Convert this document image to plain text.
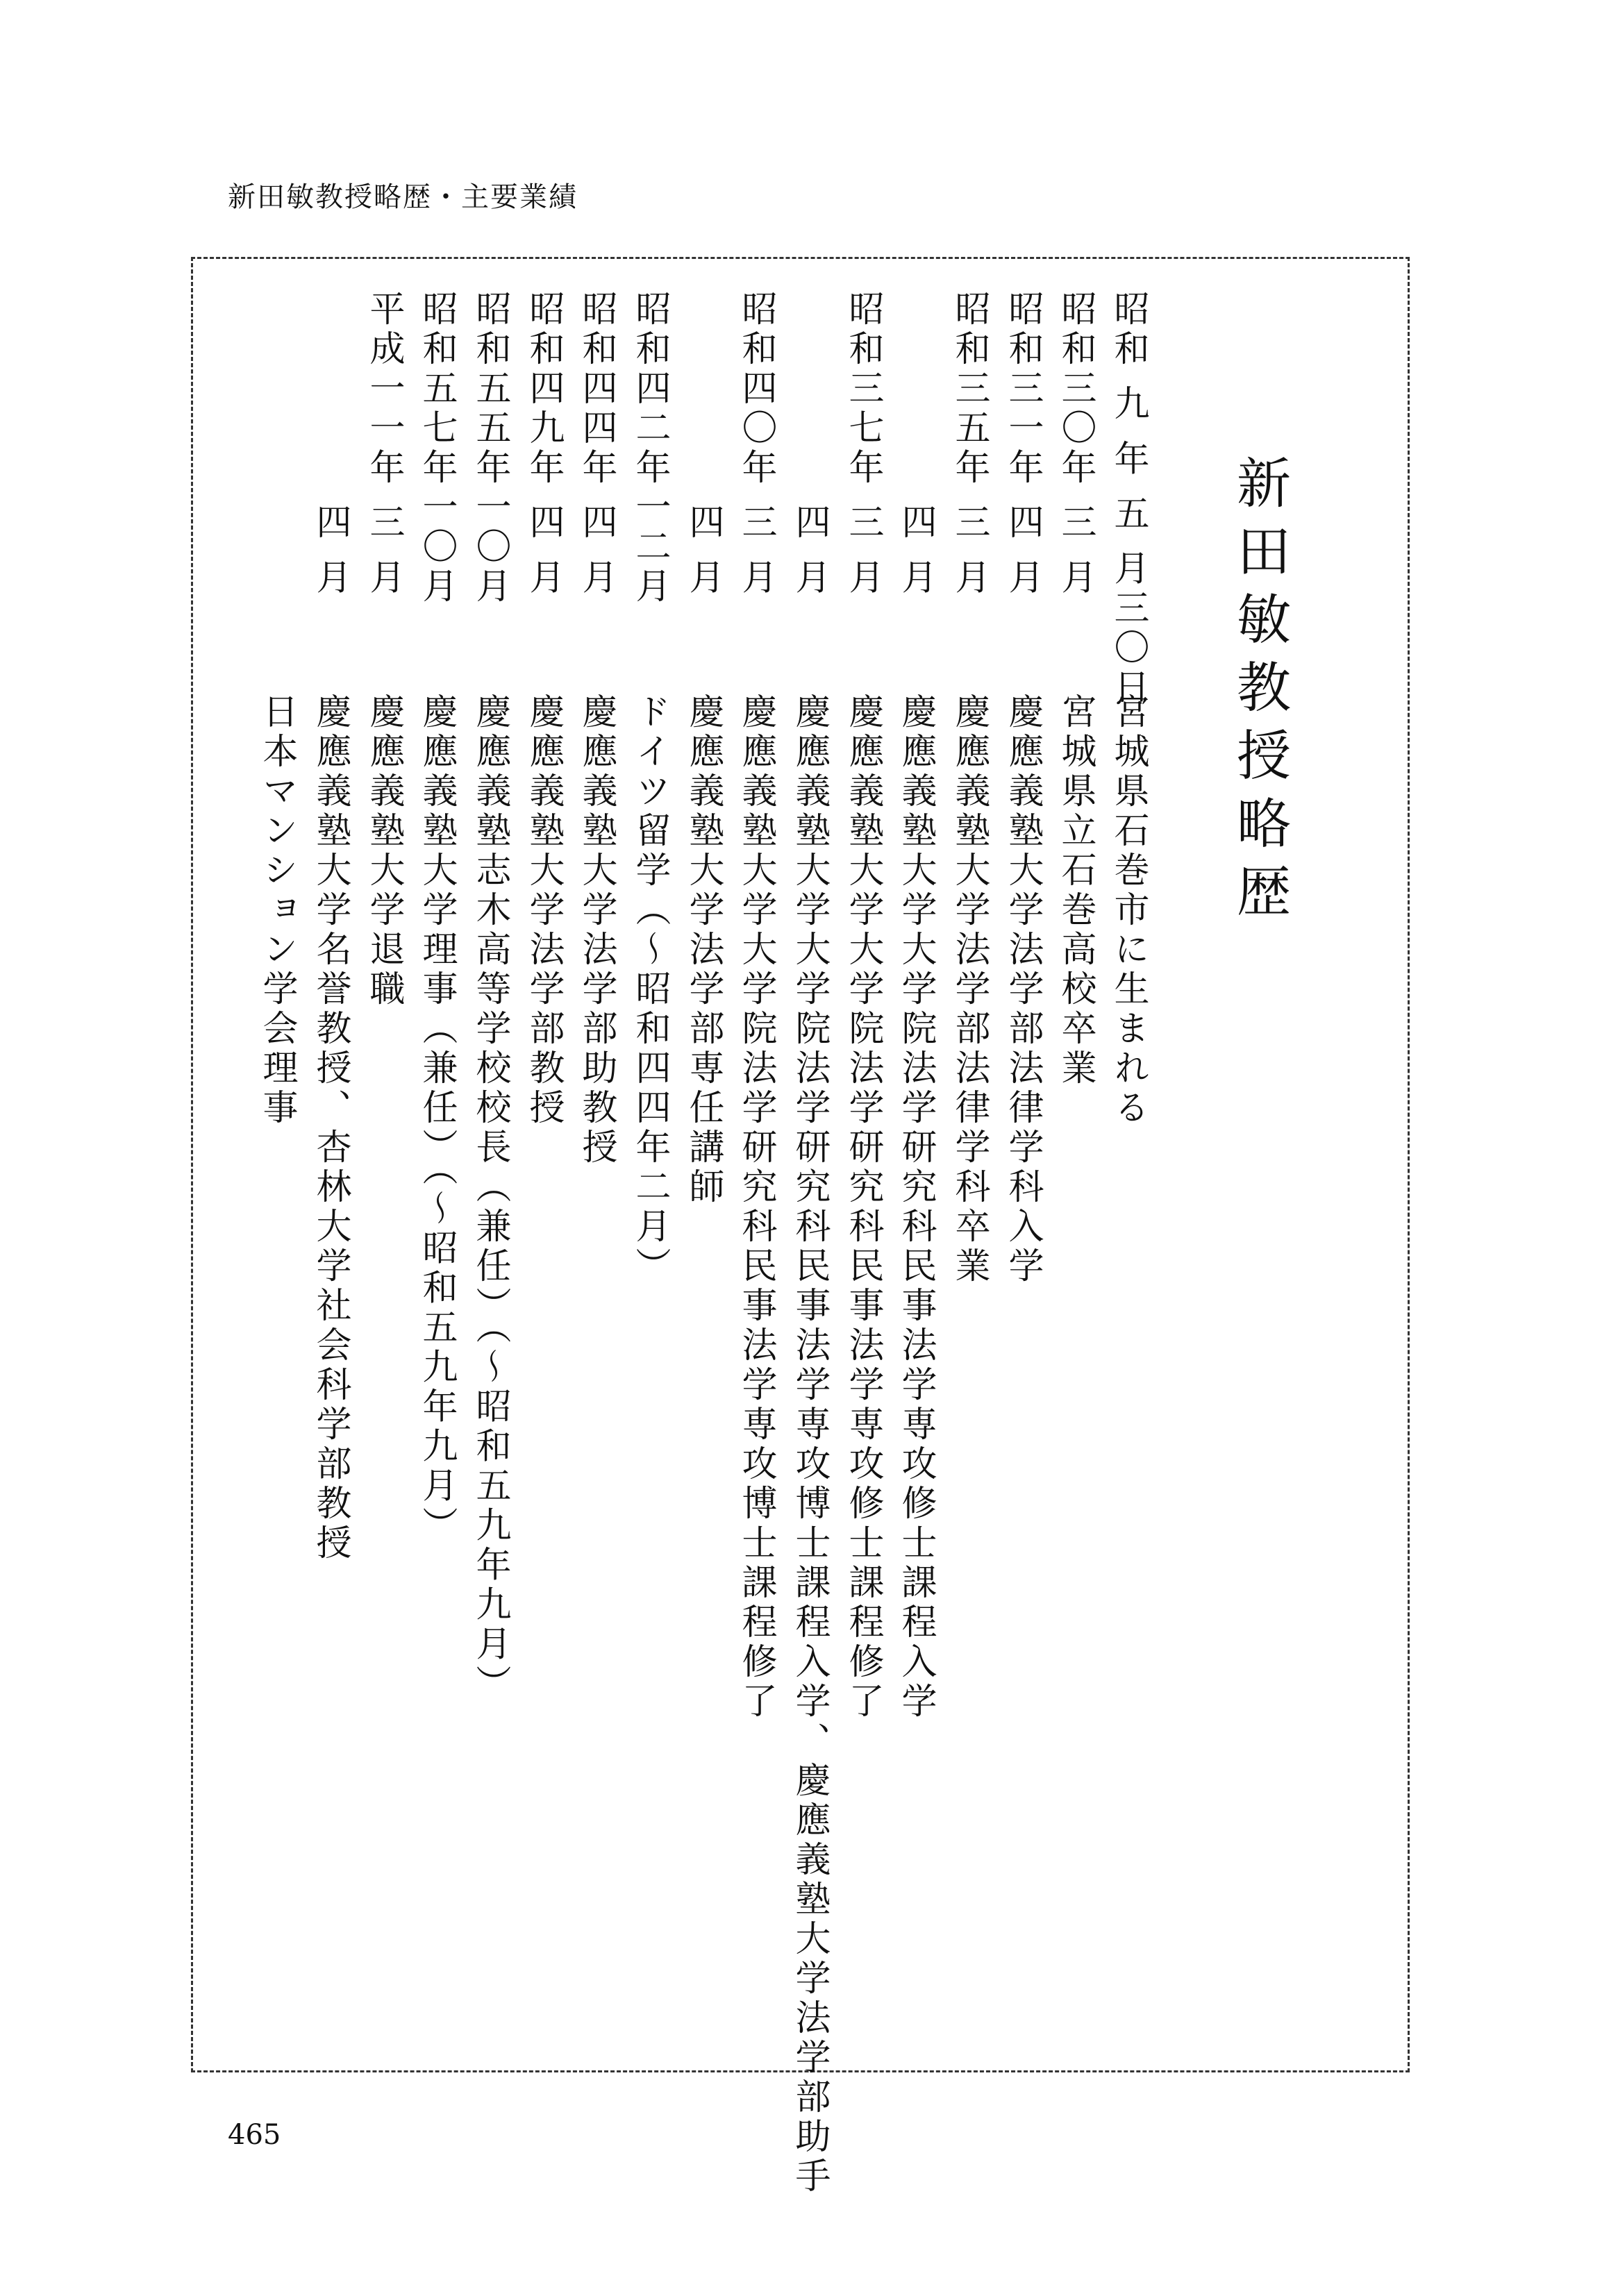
新田敏教授略歴・主要業績
新田敏教授略歴
昭和 九 年 五 月三〇日
宮城県石巻市に生まれる
昭和三〇年 三 月
宮城県立石巻高校卒業
昭和三一年 四 月
慶應義塾大学法学部法律学科入学
昭和三五年 三 月
慶應義塾大学法学部法律学科卒業
　　　　　 四 月
慶應義塾大学大学院法学研究科民事法学専攻修士課程入学
昭和三七年 三 月
慶應義塾大学大学院法学研究科民事法学専攻修士課程修了
　　　　　 四 月
慶應義塾大学大学院法学研究科民事法学専攻博士課程入学、慶應義塾大学法学部助手
昭和四〇年 三 月
慶應義塾大学大学院法学研究科民事法学専攻博士課程修了
　　　　　 四 月
慶應義塾大学法学部専任講師
昭和四二年一二月
ドイツ留学（〜昭和四四年二月）
昭和四四年 四 月
慶應義塾大学法学部助教授
昭和四九年 四 月
慶應義塾大学法学部教授
昭和五五年一〇月
慶應義塾志木高等学校校長（兼任）（〜昭和五九年九月）
昭和五七年一〇月
慶應義塾大学理事（兼任）（〜昭和五九年九月）
平成一一年 三 月
慶應義塾大学退職
　　　　　 四 月
慶應義塾大学名誉教授、杏林大学社会科学部教授
日本マンション学会理事
465
